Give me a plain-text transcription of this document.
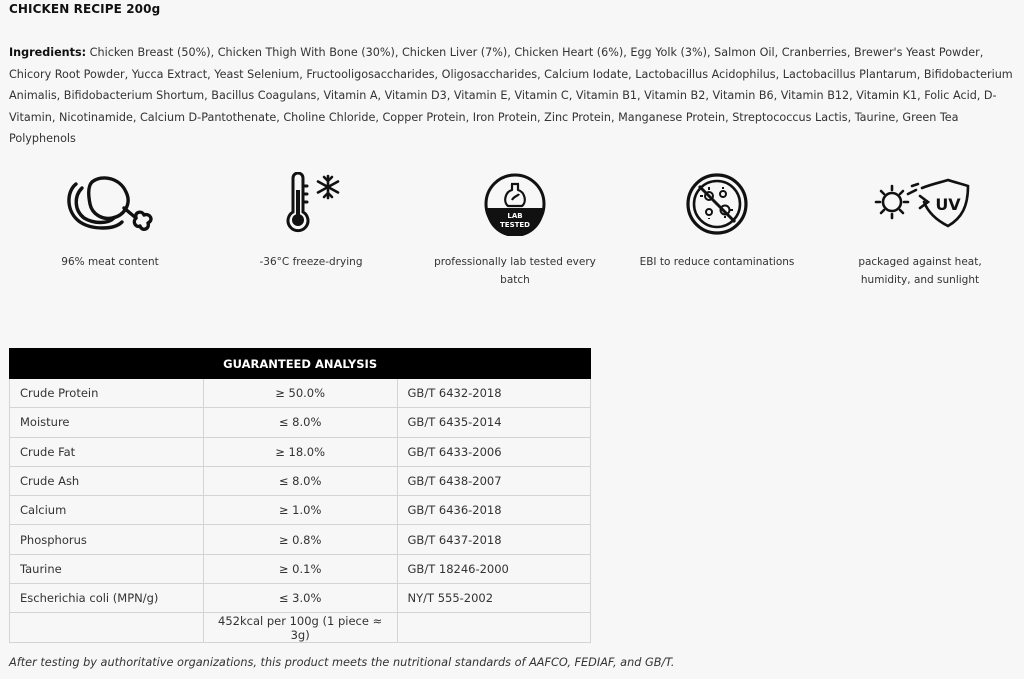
CHICKEN RECIPE 200g
Ingredients: Chicken Breast (50%), Chicken Thigh With Bone (30%), Chicken Liver (7%), Chicken Heart (6%), Egg Yolk (3%), Salmon Oil, Cranberries, Brewer's Yeast Powder, Chicory Root Powder, Yucca Extract, Yeast Selenium, Fructooligosaccharides, Oligosaccharides, Calcium Iodate, Lactobacillus Acidophilus, Lactobacillus Plantarum, Bifidobacterium Animalis, Bifidobacterium Shortum, Bacillus Coagulans, Vitamin A, Vitamin D3, Vitamin E, Vitamin C, Vitamin B1, Vitamin B2, Vitamin B6, Vitamin B12, Vitamin K1, Folic Acid, D-Vitamin, Nicotinamide, Calcium D-Pantothenate, Choline Chloride, Copper Protein, Iron Protein, Zinc Protein, Manganese Protein, Streptococcus Lactis, Taurine, Green Tea Polyphenols
96% meat content	-36°C freeze-drying
LAB
TESTED
professionally lab tested every batch
EBI to reduce contaminations
UV
packaged against heat, humidity, and sunlight
	GUARANTEED ANALYSIS	
Crude Protein	≥ 50.0%	GB/T 6432-2018
Moisture	≤ 8.0%	GB/T 6435-2014
Crude Fat	≥ 18.0%	GB/T 6433-2006
Crude Ash	≤ 8.0%	GB/T 6438-2007
Calcium	≥ 1.0%	GB/T 6436-2018
Phosphorus	≥ 0.8%	GB/T 6437-2018
Taurine	≥ 0.1%	GB/T 18246-2000
Escherichia coli (MPN/g)	≤ 3.0%	NY/T 555-2002
	452kcal per 100g (1 piece ≈ 3g)	
After testing by authoritative organizations, this product meets the nutritional standards of AAFCO, FEDIAF, and GB/T.
